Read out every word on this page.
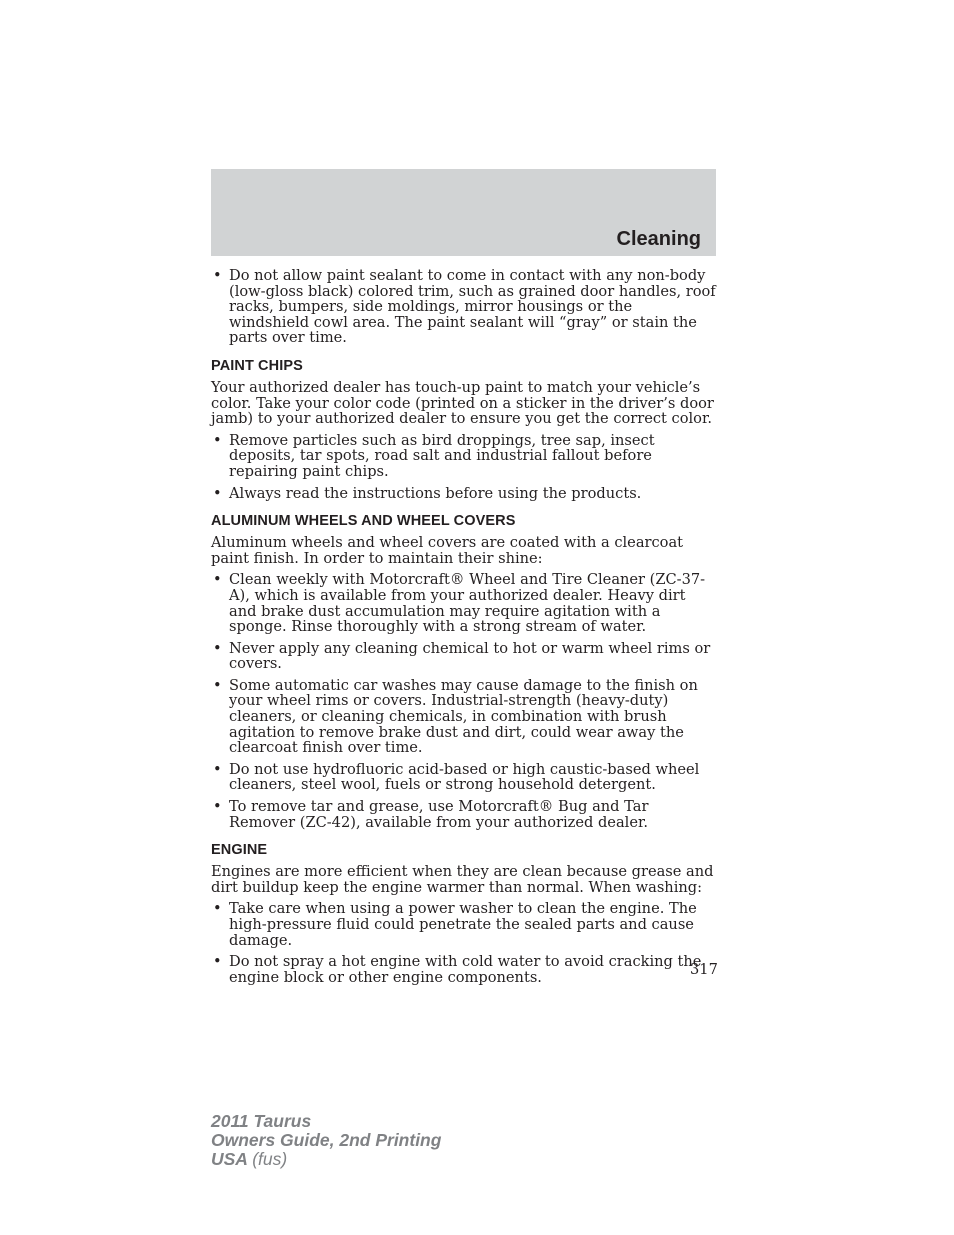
Cleaning
• Do not allow paint sealant to come in contact with any non-body (low-gloss black) colored trim, such as grained door handles, roof racks, bumpers, side moldings, mirror housings or the windshield cowl area. The paint sealant will “gray” or stain the parts over time.
PAINT CHIPS

Your authorized dealer has touch-up paint to match your vehicle’s color. Take your color code (printed on a sticker in the driver’s door jamb) to your authorized dealer to ensure you get the correct color.

• Remove particles such as bird droppings, tree sap, insect deposits, tar spots, road salt and industrial fallout before repairing paint chips.
• Always read the instructions before using the products.
ALUMINUM WHEELS AND WHEEL COVERS

Aluminum wheels and wheel covers are coated with a clearcoat paint finish. In order to maintain their shine:

• Clean weekly with Motorcraft® Wheel and Tire Cleaner (ZC-37-A), which is available from your authorized dealer. Heavy dirt and brake dust accumulation may require agitation with a sponge. Rinse thoroughly with a strong stream of water.
• Never apply any cleaning chemical to hot or warm wheel rims or covers.
• Some automatic car washes may cause damage to the finish on your wheel rims or covers. Industrial-strength (heavy-duty) cleaners, or cleaning chemicals, in combination with brush agitation to remove brake dust and dirt, could wear away the clearcoat finish over time.
• Do not use hydrofluoric acid-based or high caustic-based wheel cleaners, steel wool, fuels or strong household detergent.
• To remove tar and grease, use Motorcraft® Bug and Tar Remover (ZC-42), available from your authorized dealer.
ENGINE

Engines are more efficient when they are clean because grease and dirt buildup keep the engine warmer than normal. When washing:

• Take care when using a power washer to clean the engine. The high-pressure fluid could penetrate the sealed parts and cause damage.
• Do not spray a hot engine with cold water to avoid cracking the engine block or other engine components.	317
2011 Taurus
Owners Guide, 2nd Printing
USA (fus)
